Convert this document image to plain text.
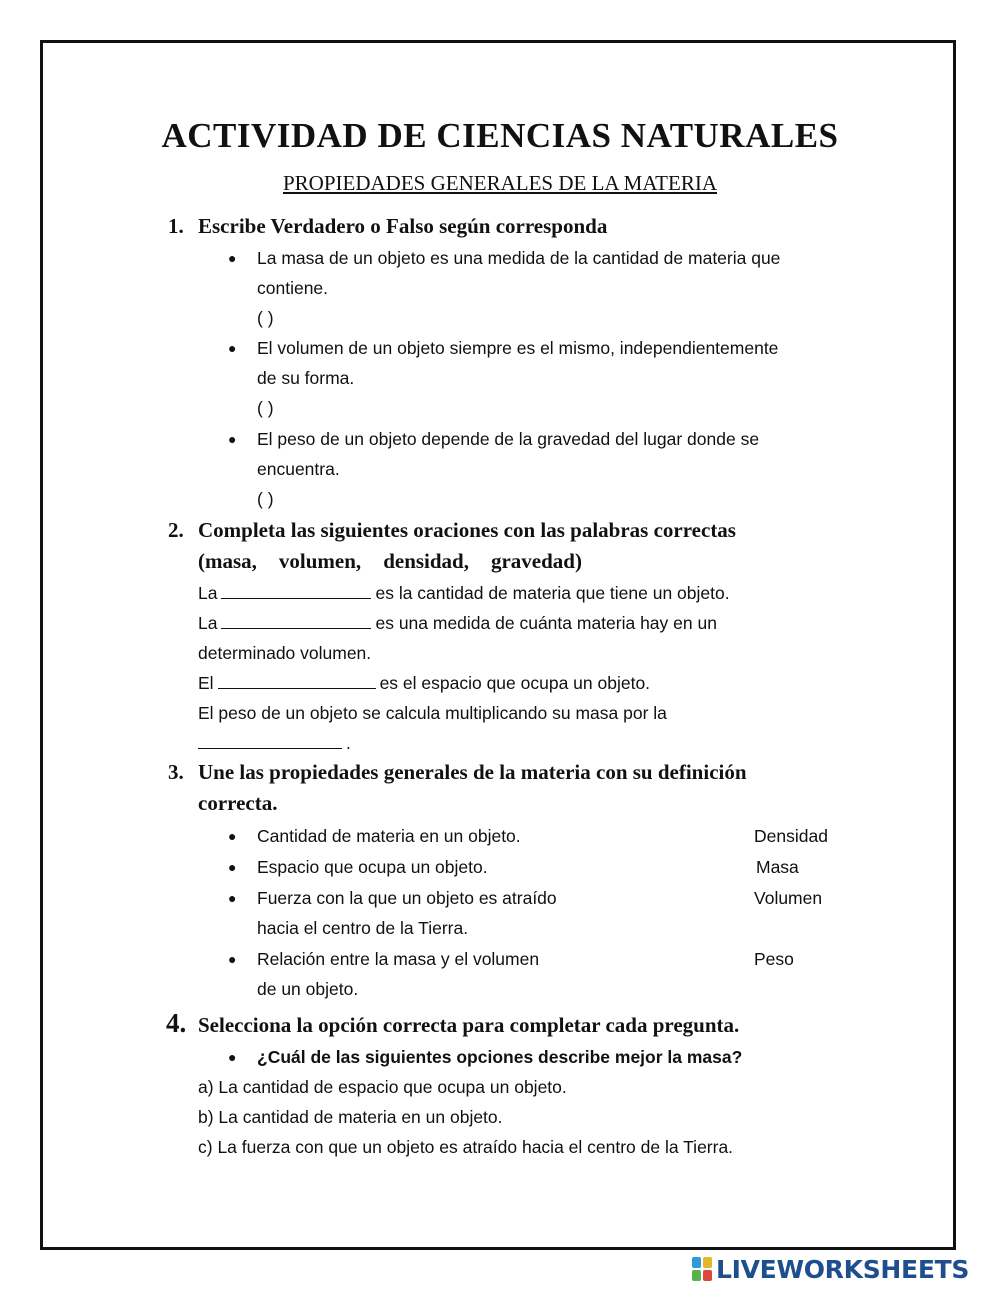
ACTIVIDAD DE CIENCIAS NATURALES
PROPIEDADES GENERALES DE LA MATERIA
1. Escribe Verdadero o Falso según corresponda
● La masa de un objeto es una medida de la cantidad de materia que
contiene.
( )
● El volumen de un objeto siempre es el mismo, independientemente
de su forma.
( )
● El peso de un objeto depende de la gravedad del lugar donde se
encuentra.
( )
2. Completa las siguientes oraciones con las palabras correctas
(masa, volumen, densidad, gravedad)
La	es la cantidad de materia que tiene un objeto.
La	es una medida de cuánta materia hay en un
determinado volumen.
El	es el espacio que ocupa un objeto.
El peso de un objeto se calcula multiplicando su masa por la
.
3. Une las propiedades generales de la materia con su definición
correcta.
● Cantidad de materia en un objeto.	Densidad
● Espacio que ocupa un objeto.	Masa
● Fuerza con la que un objeto es atraído
hacia el centro de la Tierra.
Volumen
● Relación entre la masa y el volumen
de un objeto.
Peso
4. Selecciona la opción correcta para completar cada pregunta.
● ¿Cuál de las siguientes opciones describe mejor la masa?
a) La cantidad de espacio que ocupa un objeto.
b) La cantidad de materia en un objeto.
c) La fuerza con que un objeto es atraído hacia el centro de la Tierra.
LIVEWORKSHEETS
